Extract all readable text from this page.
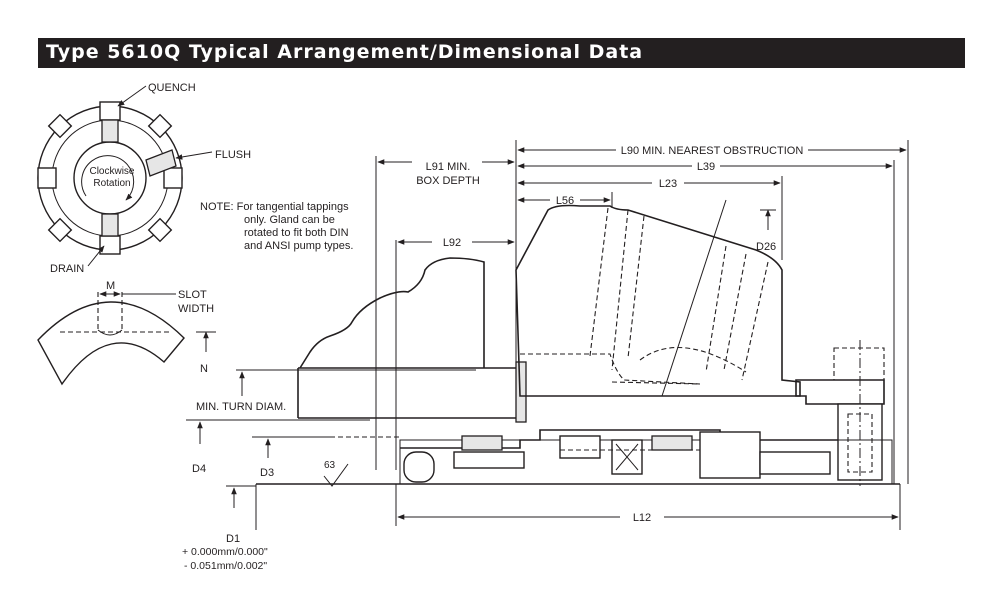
Type 5610Q Typical Arrangement/Dimensional Data
Clockwise
Rotation
QUENCH
FLUSH
DRAIN
NOTE: For tangential tappings
only. Gland can be
rotated to fit both DIN
and ANSI pump types.
M
SLOT
WIDTH
N
L90 MIN. NEAREST OBSTRUCTION
L91 MIN.
BOX DEPTH
L39
L23
L56
D26
L92
MIN. TURN DIAM.
D4	D3
63
D1
+ 0.000mm/0.000"
- 0.051mm/0.002"
L12
